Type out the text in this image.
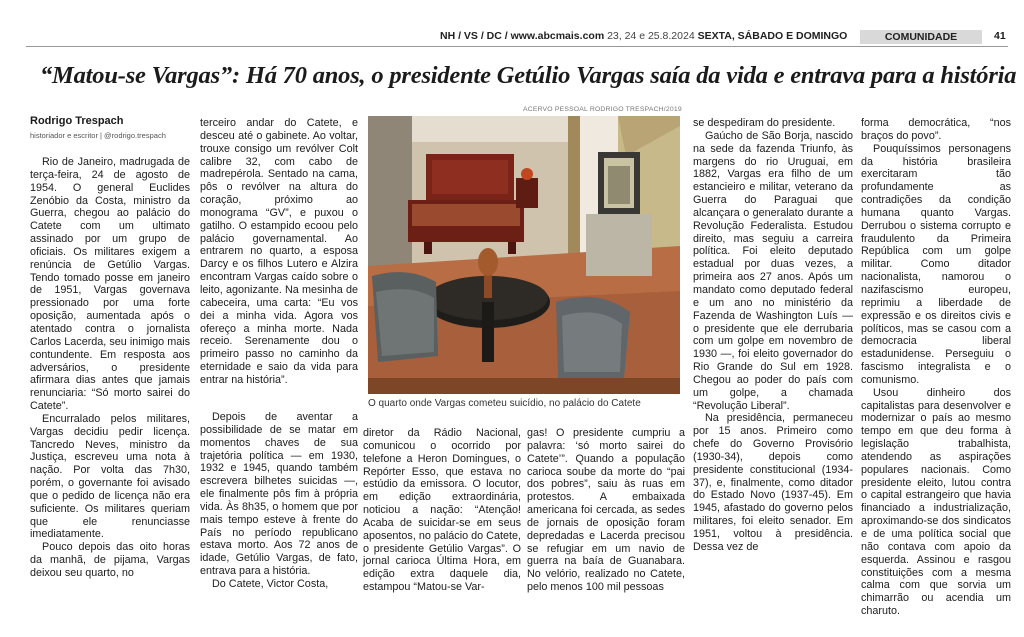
NH / VS / DC / www.abcmais.com 23, 24 e 25.8.2024 SEXTA, SÁBADO E DOMINGO	COMUNIDADE	41
“Matou-se Vargas”: Há 70 anos, o presidente Getúlio Vargas saía da vida e entrava para a história
Rodrigo Trespach
historiador e escritor | @rodrigo.trespach

Rio de Janeiro, madrugada de terça-feira, 24 de agosto de 1954. O general Euclides Zenóbio da Costa, ministro da Guerra, chegou ao palácio do Catete com um ultimato assinado por um grupo de oficiais. Os militares exigem a renúncia de Getúlio Vargas. Tendo tomado posse em janeiro de 1951, Vargas governava pressionado por uma forte oposição, aumentada após o atentado contra o jornalista Carlos Lacerda, seu inimigo mais contundente. Em resposta aos adversários, o presidente afirmara dias antes que jamais renunciaria: “Só morto sairei do Catete”.

Encurralado pelos militares, Vargas decidiu pedir licença. Tancredo Neves, ministro da Justiça, escreveu uma nota à nação. Por volta das 7h30, porém, o governante foi avisado que o pedido de licença não era suficiente. Os militares queriam que ele renunciasse imediatamente.

Pouco depois das oito horas da manhã, de pijama, Vargas deixou seu quarto, no

terceiro andar do Catete, e desceu até o gabinete. Ao voltar, trouxe consigo um revólver Colt calibre 32, com cabo de madrepérola. Sentado na cama, pôs o revólver na altura do coração, próximo ao monograma “GV”, e puxou o gatilho. O estampido ecoou pelo palácio governamental. Ao entrarem no quarto, a esposa Darcy e os filhos Lutero e Alzira encontram Vargas caído sobre o leito, agonizante. Na mesinha de cabeceira, uma carta: “Eu vos dei a minha vida. Agora vos ofereço a minha morte. Nada receio. Serenamente dou o primeiro passo no caminho da eternidade e saio da vida para entrar na história”.

Depois de aventar a possibilidade de se matar em momentos chaves de sua trajetória política — em 1930, 1932 e 1945, quando também escrevera bilhetes suicidas —, ele finalmente pôs fim à própria vida. Às 8h35, o homem que por mais tempo esteve à frente do País no período republicano estava morto. Aos 72 anos de idade, Getúlio Vargas, de fato, entrava para a história.

Do Catete, Victor Costa,

ACERVO PESSOAL RODRIGO TRESPACH/2019
O quarto onde Vargas cometeu suicídio, no palácio do Catete

diretor da Rádio Nacional, comunicou o ocorrido por telefone a Heron Domingues, o Repórter Esso, que estava no estúdio da emissora. O locutor, em edição extraordinária, noticiou a nação: “Atenção! Acaba de suicidar-se em seus aposentos, no palácio do Catete, o presidente Getúlio Vargas”. O jornal carioca Última Hora, em edição extra daquele dia, estampou “Matou-se Var-

gas! O presidente cumpriu a palavra: ‘só morto sairei do Catete’”. Quando a população carioca soube da morte do “pai dos pobres”, saiu às ruas em protestos. A embaixada americana foi cercada, as sedes de jornais de oposição foram depredadas e Lacerda precisou se refugiar em um navio de guerra na baía de Guanabara. No velório, realizado no Catete, pelo menos 100 mil pessoas

se despediram do presidente.

Gaúcho de São Borja, nascido na sede da fazenda Triunfo, às margens do rio Uruguai, em 1882, Vargas era filho de um estancieiro e militar, veterano da Guerra do Paraguai que alcançara o generalato durante a Revolução Federalista. Estudou direito, mas seguiu a carreira política. Foi eleito deputado estadual por duas vezes, a primeira aos 27 anos. Após um mandato como deputado federal e um ano no ministério da Fazenda de Washington Luís — o presidente que ele derrubaria com um golpe em novembro de 1930 —, foi eleito governador do Rio Grande do Sul em 1928. Chegou ao poder do país com um golpe, a chamada “Revolução Liberal”.

Na presidência, permaneceu por 15 anos. Primeiro como chefe do Governo Provisório (1930-34), depois como presidente constitucional (1934-37), e, finalmente, como ditador do Estado Novo (1937-45). Em 1945, afastado do governo pelos militares, foi eleito senador. Em 1951, voltou à presidência. Dessa vez de

forma democrática, “nos braços do povo”.

Pouquíssimos personagens da história brasileira exercitaram tão profundamente as contradições da condição humana quanto Vargas. Derrubou o sistema corrupto e fraudulento da Primeira República com um golpe militar. Como ditador nacionalista, namorou o nazifascismo europeu, reprimiu a liberdade de expressão e os direitos civis e políticos, mas se casou com a democracia liberal estadunidense. Perseguiu o fascismo integralista e o comunismo.

Usou dinheiro dos capitalistas para desenvolver e modernizar o país ao mesmo tempo em que deu forma à legislação trabalhista, atendendo as aspirações populares nacionais. Como presidente eleito, lutou contra o capital estrangeiro que havia financiado a industrialização, aproximando-se dos sindicatos e de uma política social que não contava com apoio da esquerda. Assinou e rasgou constituições com a mesma calma com que sorvia um chimarrão ou acendia um charuto.
